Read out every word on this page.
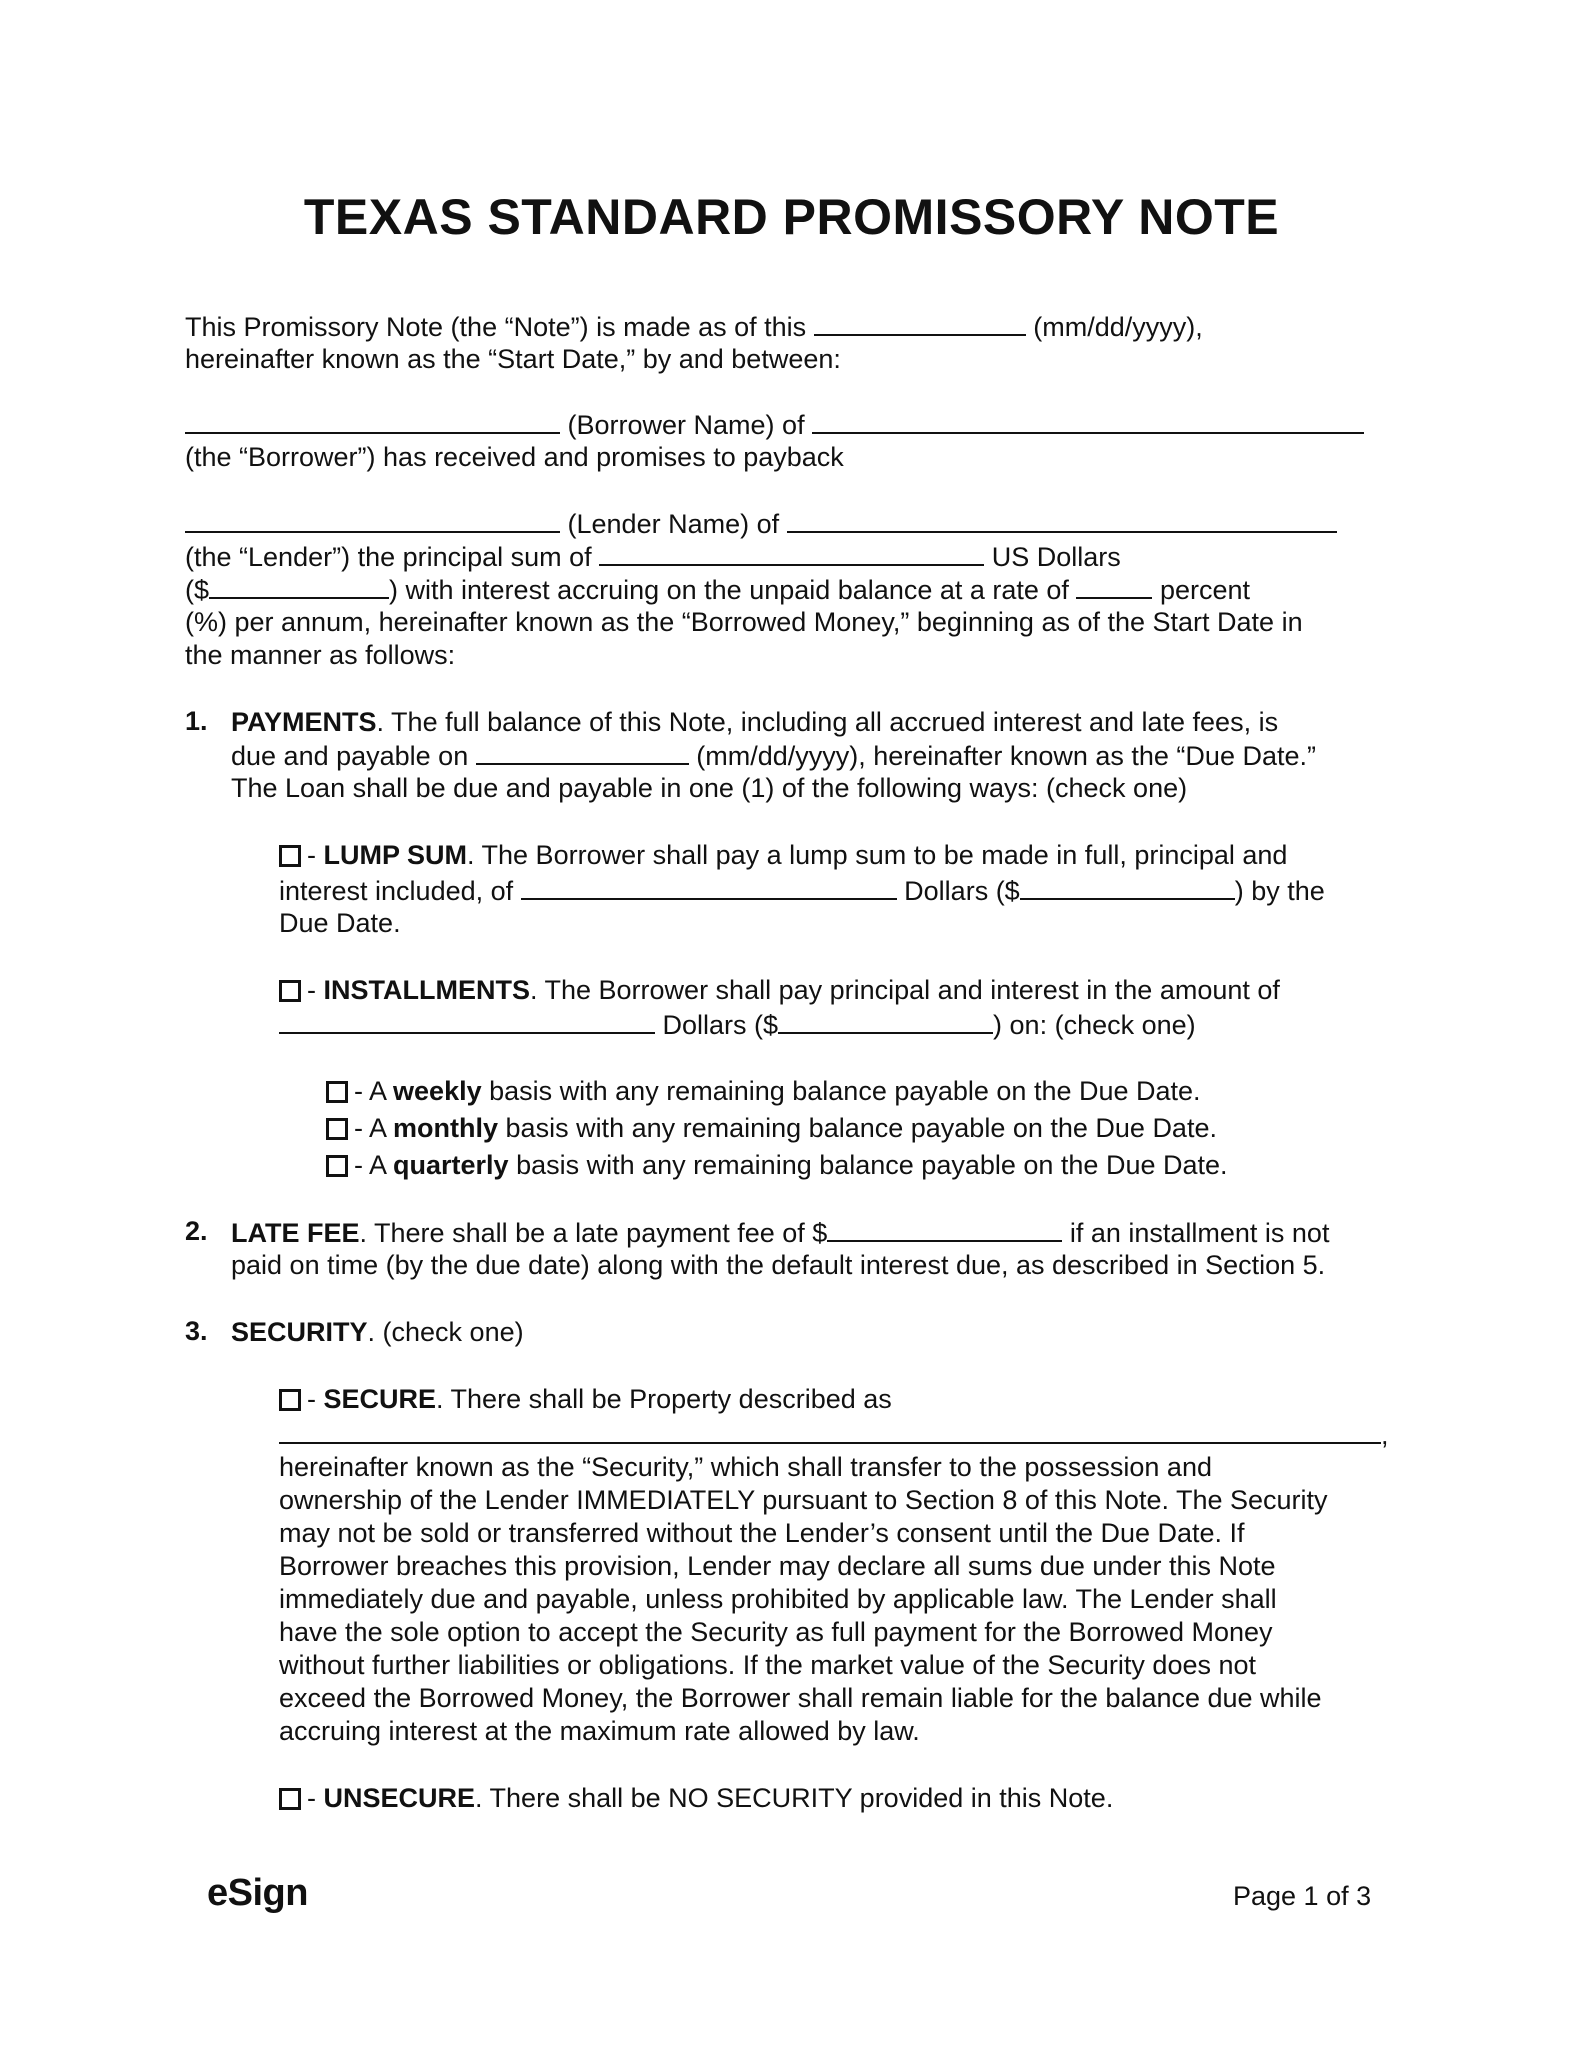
TEXAS STANDARD PROMISSORY NOTE
This Promissory Note (the “Note”) is made as of this	(mm/dd/yyyy),
hereinafter known as the “Start Date,” by and between:
(Borrower Name) of
(the “Borrower”) has received and promises to payback
(Lender Name) of
(the “Lender”) the principal sum of	US Dollars
($	) with interest accruing on the unpaid balance at a rate of	percent
(%) per annum, hereinafter known as the “Borrowed Money,” beginning as of the Start Date in
the manner as follows:
1. PAYMENTS. The full balance of this Note, including all accrued interest and late fees, is
due and payable on	(mm/dd/yyyy), hereinafter known as the “Due Date.”
The Loan shall be due and payable in one (1) of the following ways: (check one)
- LUMP SUM. The Borrower shall pay a lump sum to be made in full, principal and
interest included, of	Dollars ($	) by the
Due Date.
- INSTALLMENTS. The Borrower shall pay principal and interest in the amount of
Dollars ($	) on: (check one)
- A weekly basis with any remaining balance payable on the Due Date.
- A monthly basis with any remaining balance payable on the Due Date.
- A quarterly basis with any remaining balance payable on the Due Date.
2. LATE FEE. There shall be a late payment fee of $	if an installment is not
paid on time (by the due date) along with the default interest due, as described in Section 5.
3. SECURITY. (check one)
- SECURE. There shall be Property described as
,
hereinafter known as the “Security,” which shall transfer to the possession and
ownership of the Lender IMMEDIATELY pursuant to Section 8 of this Note. The Security
may not be sold or transferred without the Lender’s consent until the Due Date. If
Borrower breaches this provision, Lender may declare all sums due under this Note
immediately due and payable, unless prohibited by applicable law. The Lender shall
have the sole option to accept the Security as full payment for the Borrowed Money
without further liabilities or obligations. If the market value of the Security does not
exceed the Borrowed Money, the Borrower shall remain liable for the balance due while
accruing interest at the maximum rate allowed by law.
- UNSECURE. There shall be NO SECURITY provided in this Note.
eSign	Page 1 of 3
